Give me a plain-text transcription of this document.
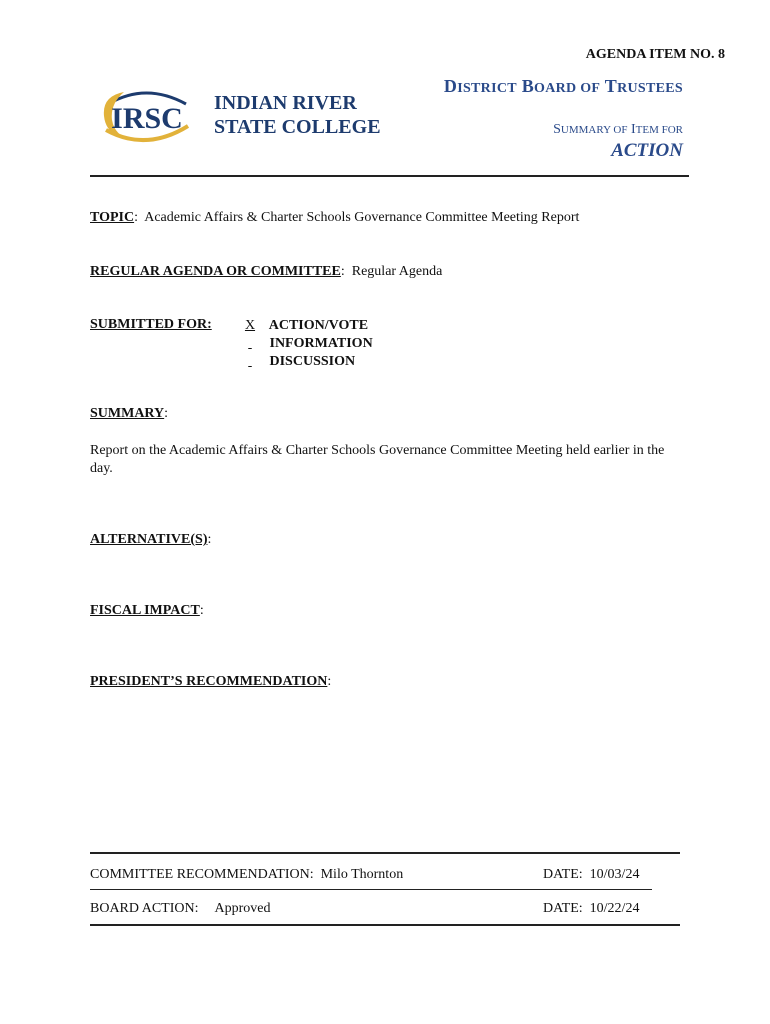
AGENDA ITEM NO. 8
IRSC INDIAN RIVER
STATE COLLEGE
DISTRICT BOARD OF TRUSTEES
SUMMARY OF ITEM FOR
ACTION
TOPIC:  Academic Affairs & Charter Schools Governance Committee Meeting Report
REGULAR AGENDA OR COMMITTEE:  Regular Agenda
SUBMITTED FOR:	X ACTION/VOTE
INFORMATION
DISCUSSION
SUMMARY:
Report on the Academic Affairs & Charter Schools Governance Committee Meeting held earlier in the day.
ALTERNATIVE(S):
FISCAL IMPACT:
PRESIDENT’S RECOMMENDATION:
COMMITTEE RECOMMENDATION: Milo Thornton	DATE: 10/03/24
BOARD ACTION: Approved	DATE: 10/22/24
